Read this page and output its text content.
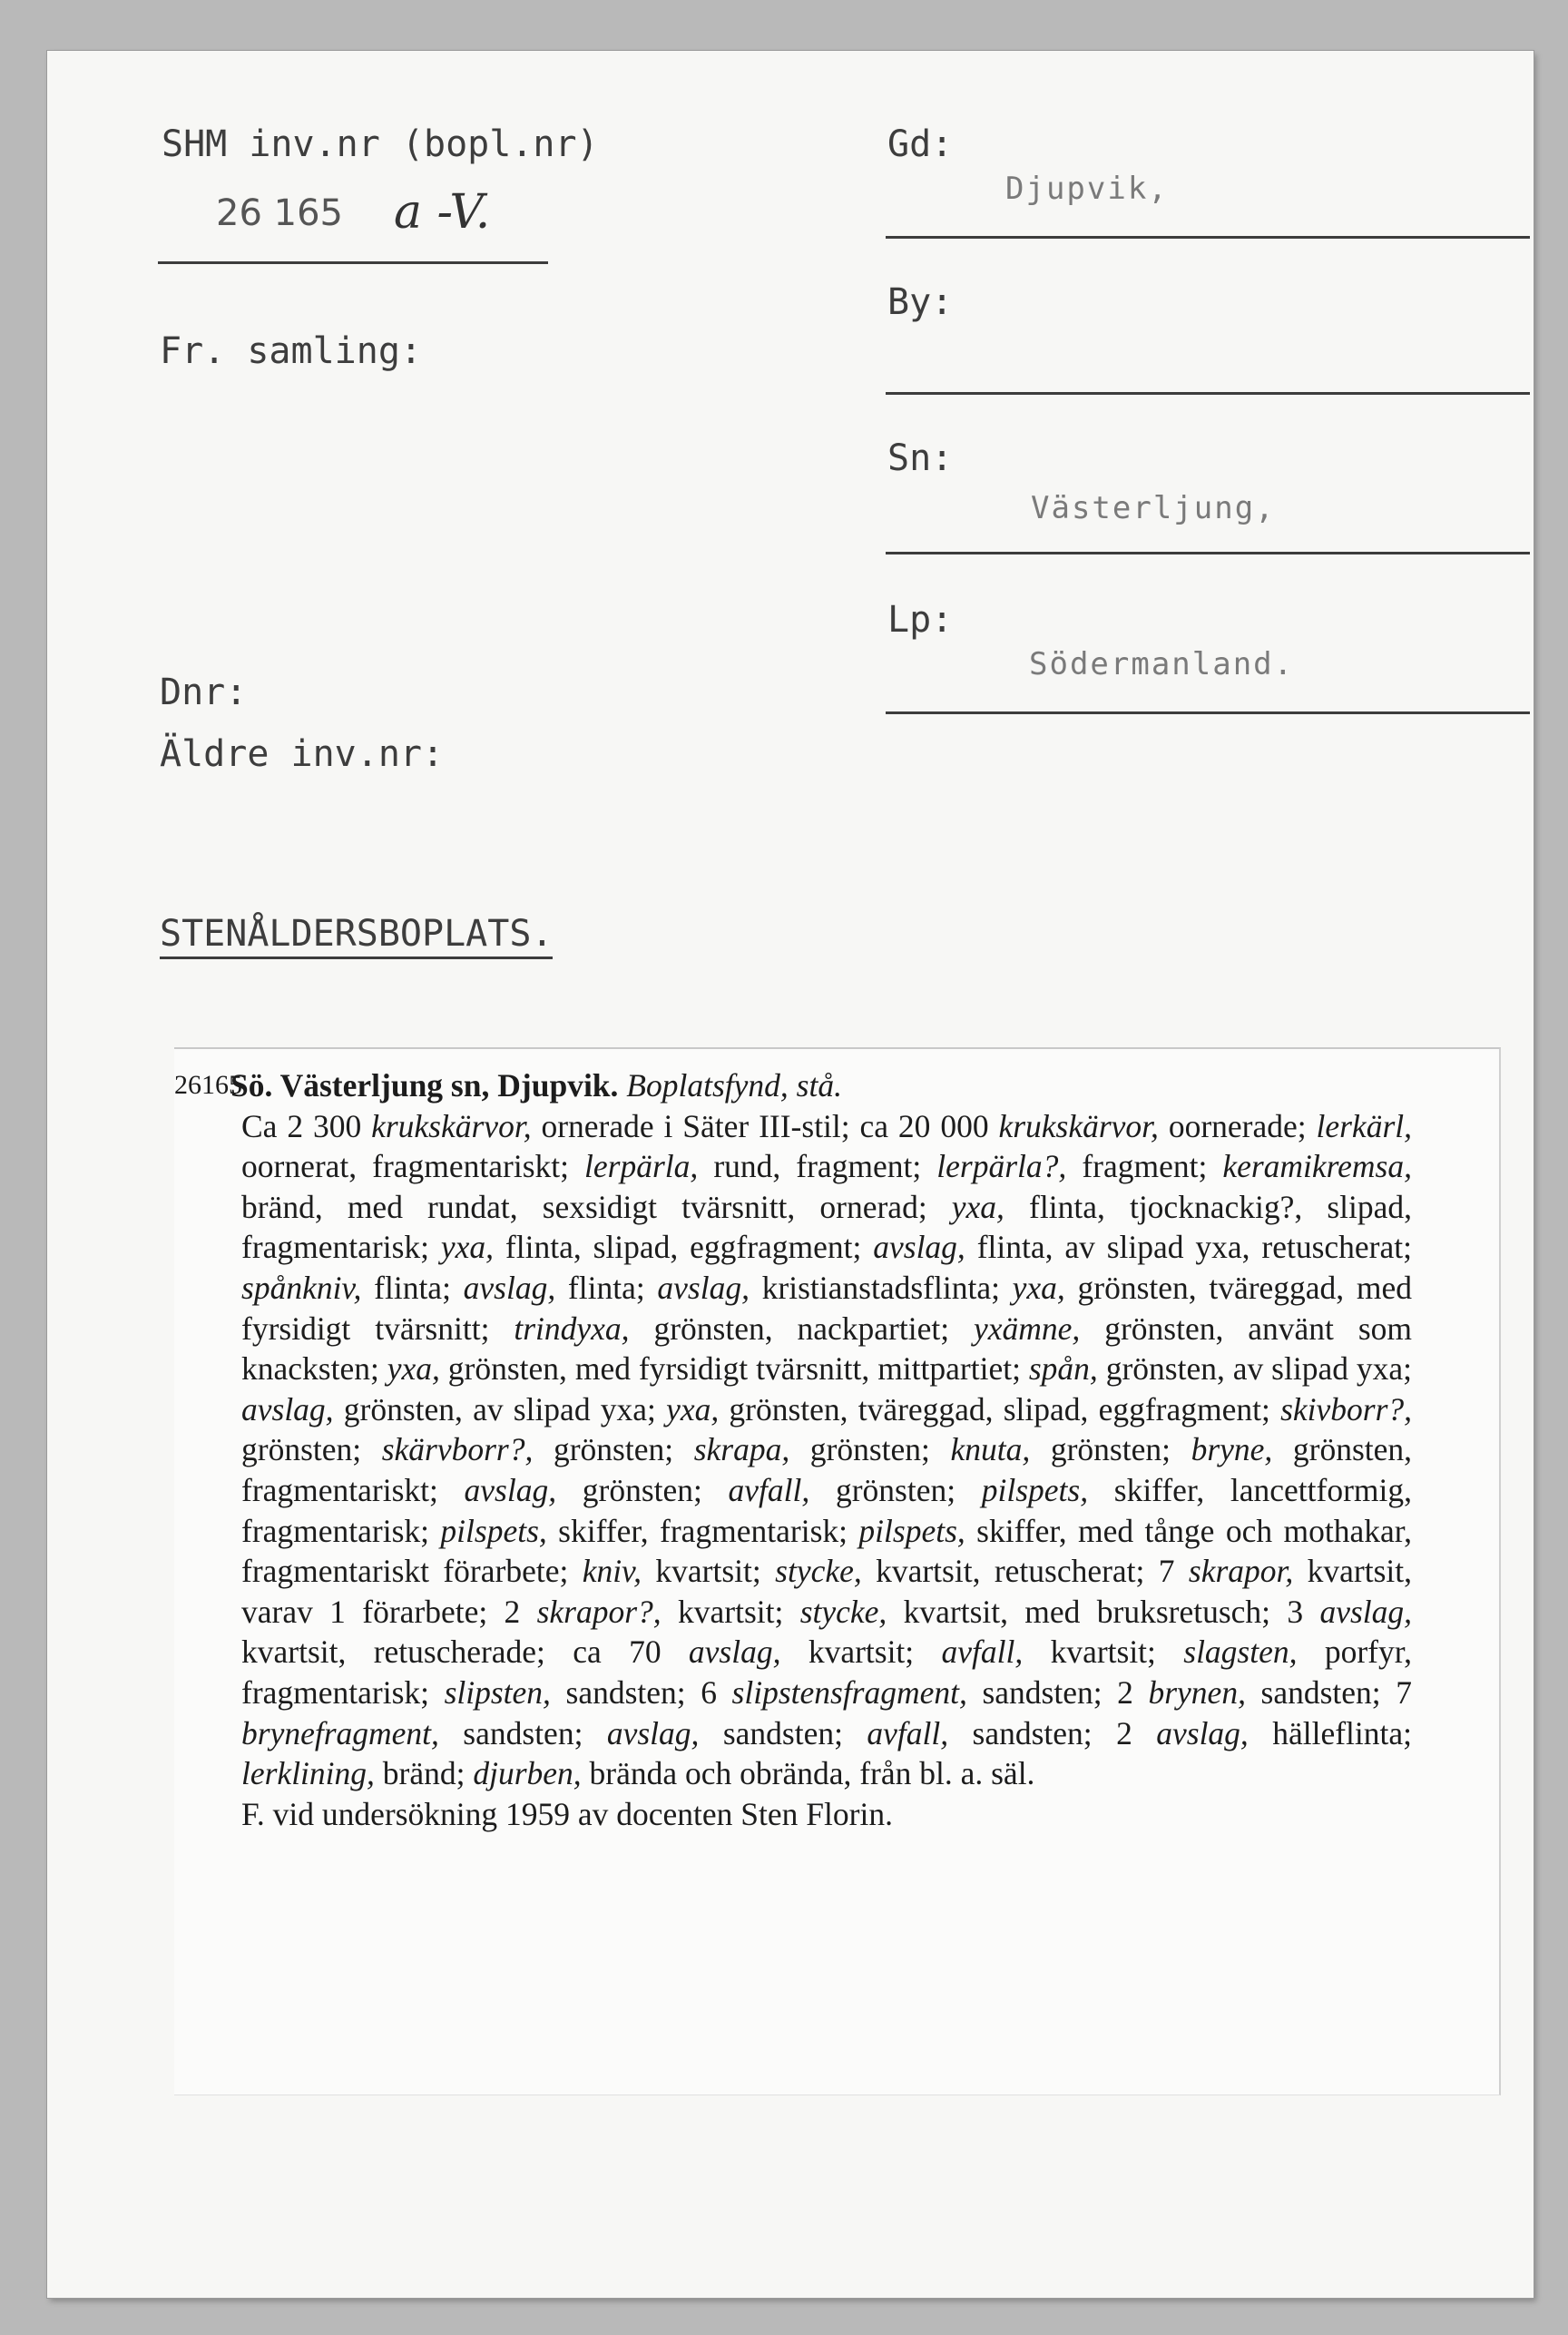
SHM inv.nr (bopl.nr)
26 165 a -V.
Fr. samling:
Dnr:
Äldre inv.nr:
STENÅLDERSBOPLATS.
Gd:
Djupvik,
By:
Sn:
Västerljung,
Lp:
Södermanland.
26165
Sö. Västerljung sn, Djupvik. Boplatsfynd, stå.
Ca 2 300 krukskärvor, ornerade i Säter III-stil; ca 20 000 krukskärvor, oornerade; lerkärl, oornerat, fragmentariskt; lerpärla, rund, fragment; lerpärla?, fragment; keramikremsa, bränd, med rundat, sexsidigt tvärsnitt, ornerad; yxa, flinta, tjocknackig?, slipad, fragmentarisk; yxa, flinta, slipad, eggfragment; avslag, flinta, av slipad yxa, retuscherat; spånkniv, flinta; avslag, flinta; avslag, kristianstadsflinta; yxa, grönsten, tväreggad, med fyrsidigt tvärsnitt; trindyxa, grönsten, nackpartiet; yxämne, grönsten, använt som knacksten; yxa, grönsten, med fyrsidigt tvärsnitt, mittpartiet; spån, grönsten, av slipad yxa; avslag, grönsten, av slipad yxa; yxa, grönsten, tväreggad, slipad, eggfragment; skivborr?, grönsten; skärvborr?, grönsten; skrapa, grönsten; knuta, grönsten; bryne, grönsten, fragmentariskt; avslag, grönsten; avfall, grönsten; pilspets, skiffer, lancettformig, fragmentarisk; pilspets, skiffer, fragmentarisk; pilspets, skiffer, med tånge och mothakar, fragmentariskt förarbete; kniv, kvartsit; stycke, kvartsit, retuscherat; 7 skrapor, kvartsit, varav 1 förarbete; 2 skrapor?, kvartsit; stycke, kvartsit, med bruksretusch; 3 avslag, kvartsit, retuscherade; ca 70 avslag, kvartsit; avfall, kvartsit; slagsten, porfyr, fragmentarisk; slipsten, sandsten; 6 slipstensfragment, sandsten; 2 brynen, sandsten; 7 brynefragment, sandsten; avslag, sandsten; avfall, sandsten; 2 avslag, hälleflinta; lerklining, bränd; djurben, brända och obrända, från bl. a. säl.
F. vid undersökning 1959 av docenten Sten Florin.
